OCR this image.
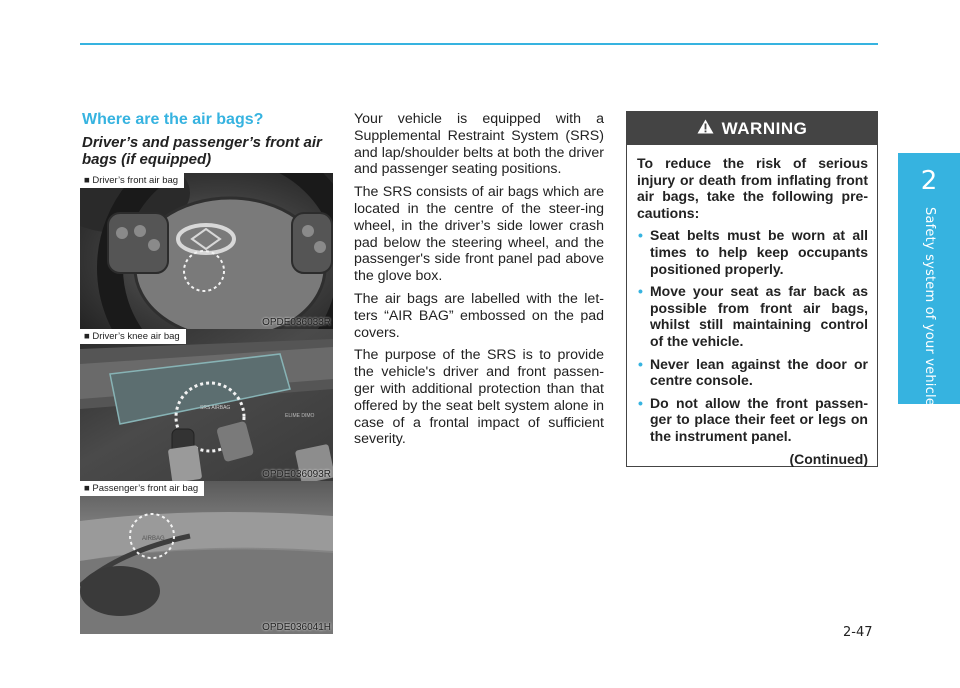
2
Safety system of your vehicle
Where are the air bags?
Driver’s and passenger’s front air bags (if equipped)
■ Driver’s front air bag
OPDE036033R
SRS AIRBAG
ELIME DIMO
■ Driver’s knee air bag
OPDE036093R
AIRBAG
■ Passenger’s front air bag
OPDE036041H

Your vehicle is equipped with a Supplemental Restraint System (SRS) and lap/shoulder belts at both the driver and passenger seating positions.

The SRS consists of air bags which are located in the centre of the steer-ing wheel, in the driver’s side lower crash pad below the steering wheel, and the passenger's side front panel pad above the glove box.

The air bags are labelled with the let-ters “AIR BAG” embossed on the pad covers.

The purpose of the SRS is to provide the vehicle's driver and front passen-ger with additional protection than that offered by the seat belt system alone in case of a frontal impact of sufficient severity.

WARNING
To reduce the risk of serious injury or death from inflating front air bags, take the following pre-cautions:
• Seat belts must be worn at all times to help keep occupants positioned properly.
• Move your seat as far back as possible from front air bags, whilst still maintaining control of the vehicle.
• Never lean against the door or centre console.
• Do not allow the front passen-ger to place their feet or legs on the instrument panel.
(Continued)
2-47
